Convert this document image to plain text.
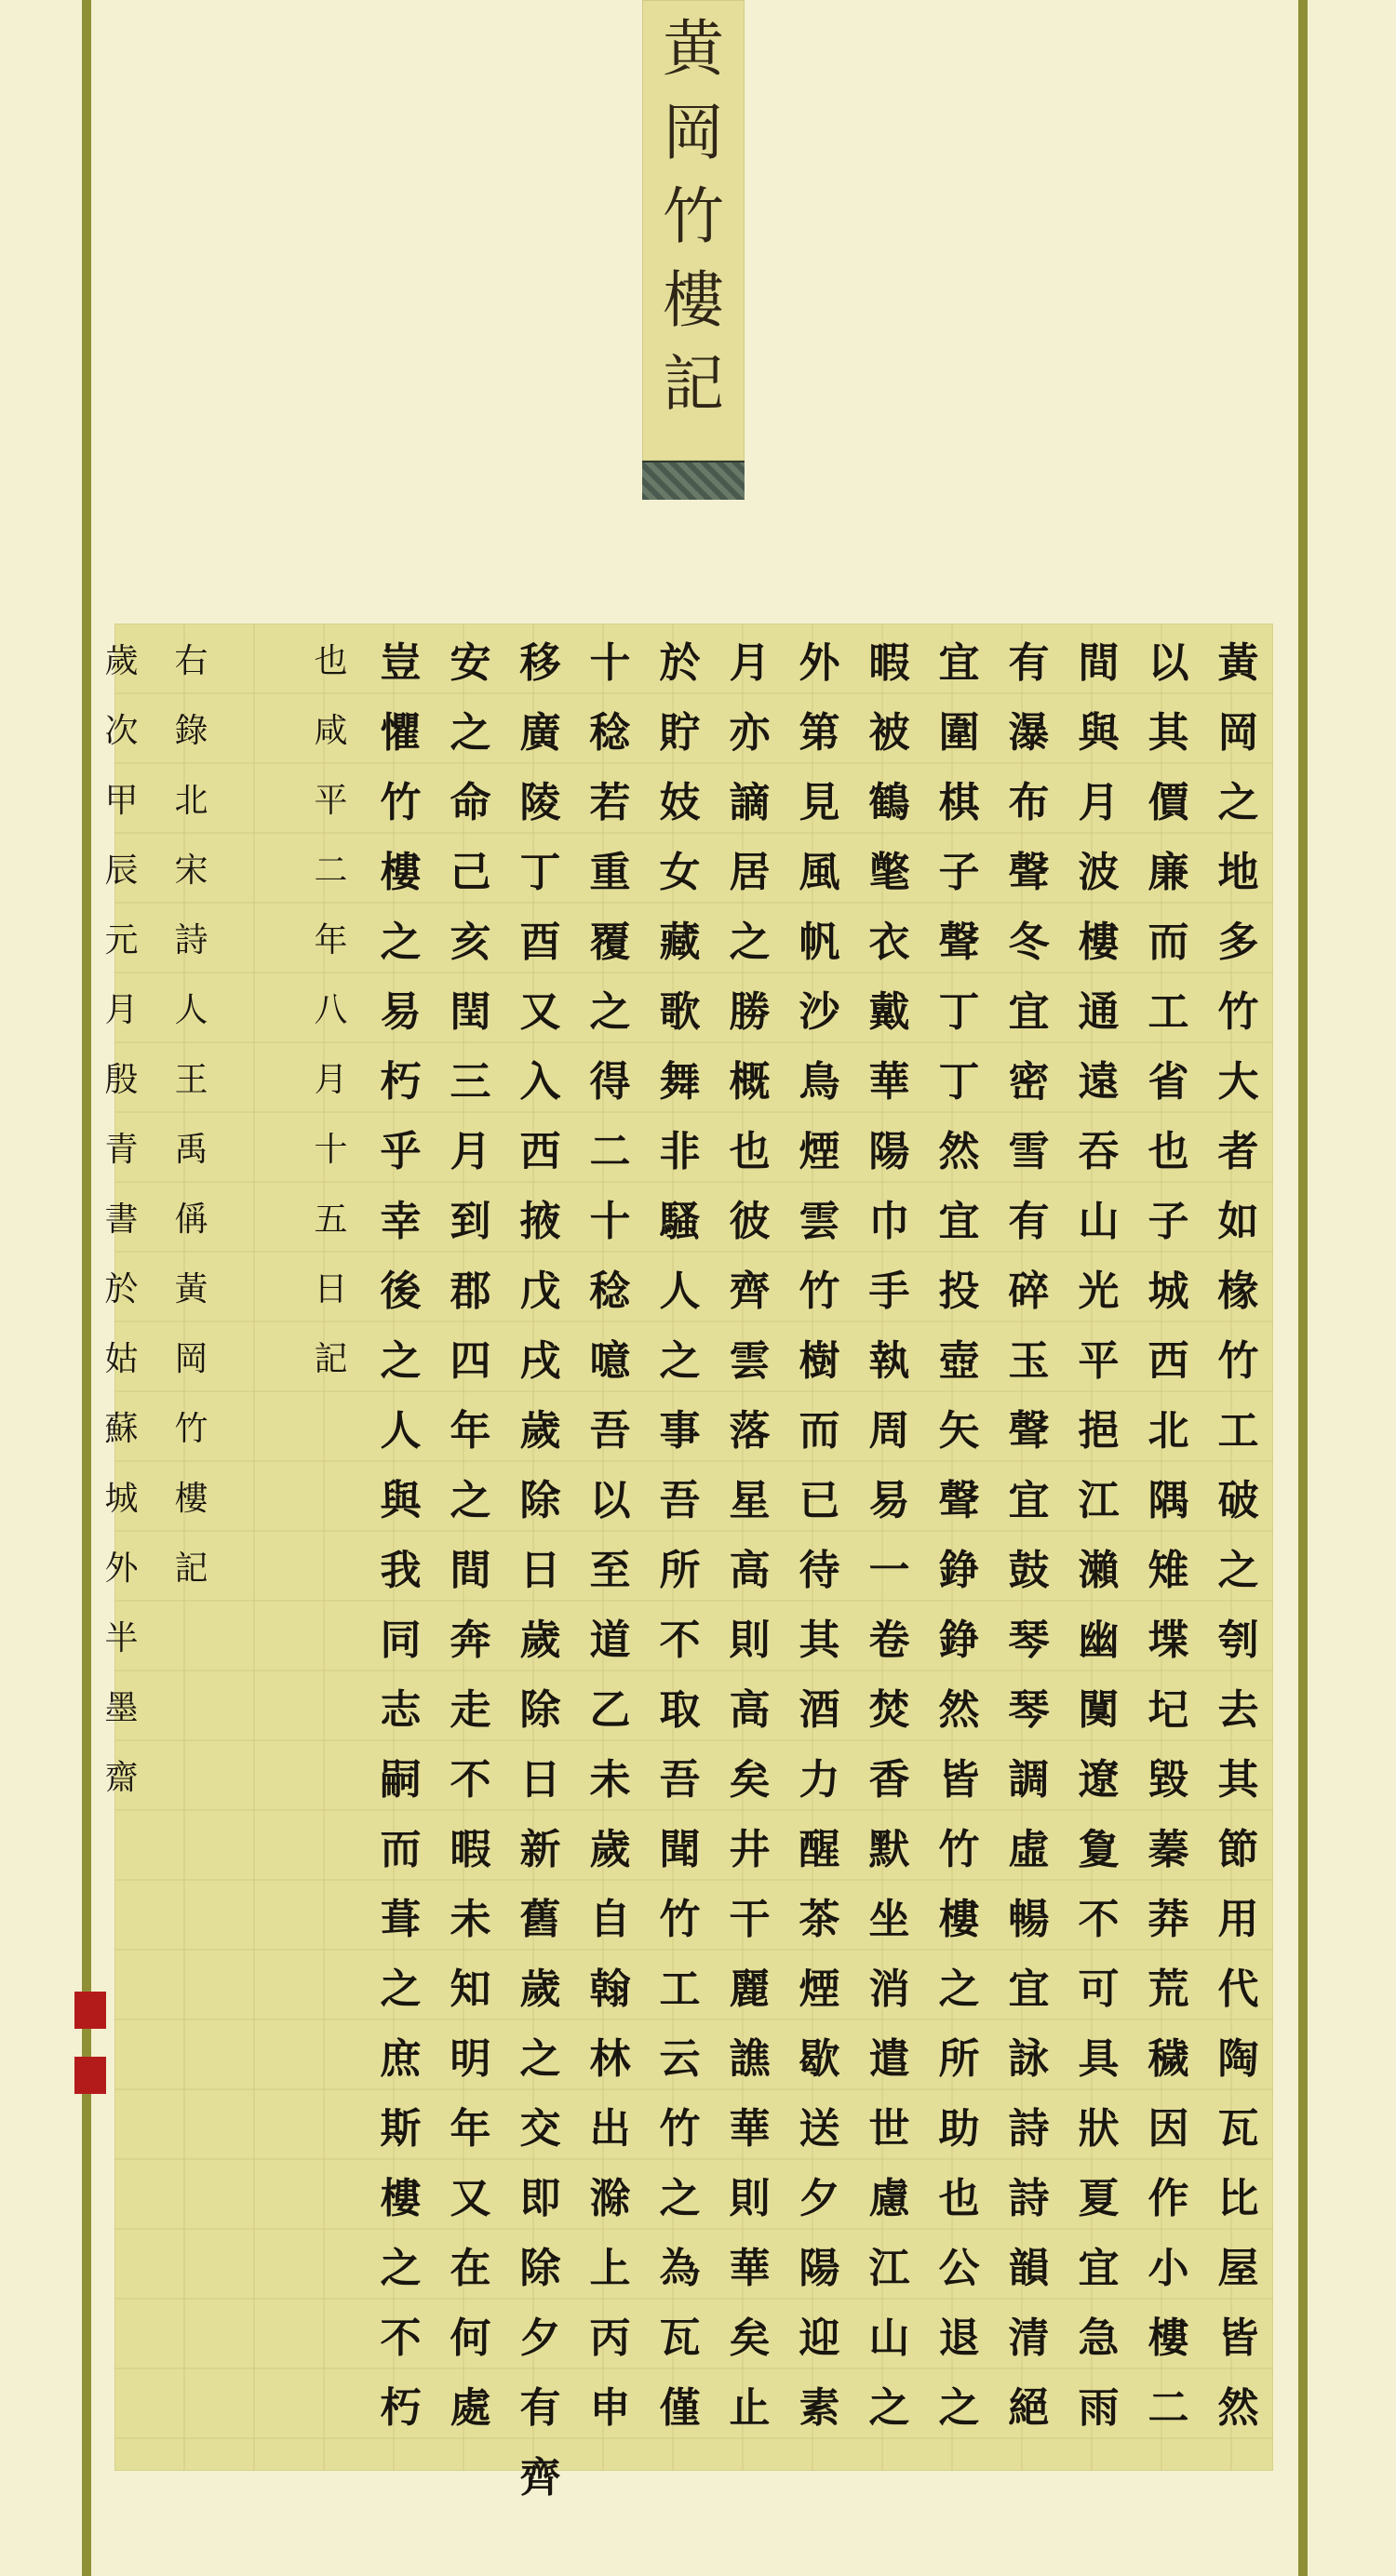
黄
岡
竹
樓
記
黃
岡
之
地
多
竹
大
者
如
椽
竹
工
破
之
刳
去
其
節
用
代
陶
瓦
比
屋
皆
然
以
其
價
廉
而
工
省
也
子
城
西
北
隅
雉
堞
圮
毀
蓁
莽
荒
穢
因
作
小
樓
二
間
與
月
波
樓
通
遠
吞
山
光
平
挹
江
瀨
幽
闃
遼
夐
不
可
具
狀
夏
宜
急
雨
有
瀑
布
聲
冬
宜
密
雪
有
碎
玉
聲
宜
鼓
琴
琴
調
虛
暢
宜
詠
詩
詩
韻
清
絕
宜
圍
棋
子
聲
丁
丁
然
宜
投
壺
矢
聲
錚
錚
然
皆
竹
樓
之
所
助
也
公
退
之
暇
被
鶴
氅
衣
戴
華
陽
巾
手
執
周
易
一
卷
焚
香
默
坐
消
遣
世
慮
江
山
之
外
第
見
風
帆
沙
鳥
煙
雲
竹
樹
而
已
待
其
酒
力
醒
茶
煙
歇
送
夕
陽
迎
素
月
亦
謫
居
之
勝
概
也
彼
齊
雲
落
星
高
則
高
矣
井
干
麗
譙
華
則
華
矣
止
於
貯
妓
女
藏
歌
舞
非
騷
人
之
事
吾
所
不
取
吾
聞
竹
工
云
竹
之
為
瓦
僅
十
稔
若
重
覆
之
得
二
十
稔
噫
吾
以
至
道
乙
未
歲
自
翰
林
出
滁
上
丙
申
移
廣
陵
丁
酉
又
入
西
掖
戊
戌
歲
除
日
歲
除
日
新
舊
歲
之
交
即
除
夕
有
齊
安
之
命
己
亥
閏
三
月
到
郡
四
年
之
間
奔
走
不
暇
未
知
明
年
又
在
何
處
豈
懼
竹
樓
之
易
朽
乎
幸
後
之
人
與
我
同
志
嗣
而
葺
之
庶
斯
樓
之
不
朽
也
咸
平
二
年
八
月
十
五
日
記
右
錄
北
宋
詩
人
王
禹
偁
黃
岡
竹
樓
記
歲
次
甲
辰
元
月
殷
青
書
於
姑
蘇
城
外
半
墨
齋
